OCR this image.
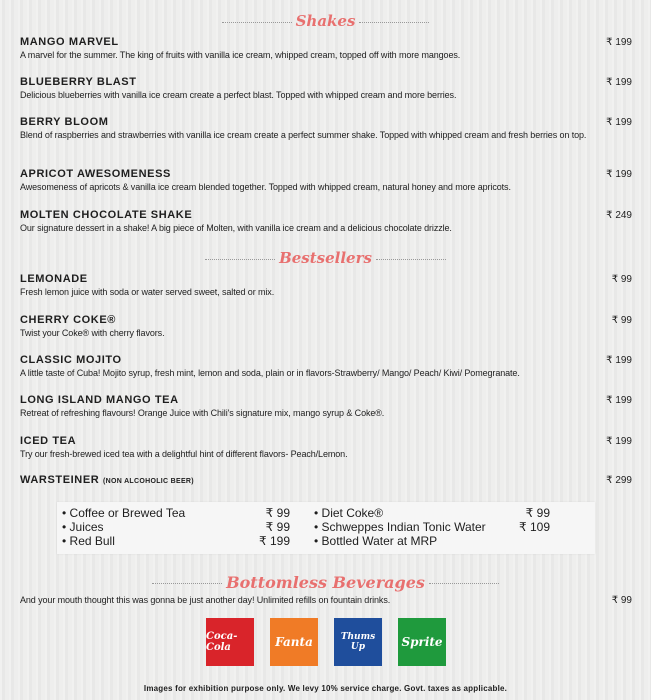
Shakes
MANGO MARVEL
A marvel for the summer. The king of fruits with vanilla ice cream, whipped cream, topped off with more mangoes.
₹ 199
BLUEBERRY BLAST
Delicious blueberries with vanilla ice cream create a perfect blast. Topped with whipped cream and more berries.
₹ 199
BERRY BLOOM
Blend of raspberries and strawberries with vanilla ice cream create a perfect summer shake. Topped with whipped cream and fresh berries on top.
₹ 199
APRICOT AWESOMENESS
Awesomeness of apricots & vanilla ice cream blended together. Topped with whipped cream, natural honey and more apricots.
₹ 199
MOLTEN CHOCOLATE SHAKE
Our signature dessert in a shake! A big piece of Molten, with vanilla ice cream and a delicious chocolate drizzle.
₹ 249
Bestsellers
LEMONADE
Fresh lemon juice with soda or water served sweet, salted or mix.
₹ 99
CHERRY COKE®
Twist your Coke® with cherry flavors.
₹ 99
CLASSIC MOJITO
A little taste of Cuba! Mojito syrup, fresh mint, lemon and soda, plain or in flavors-Strawberry/ Mango/ Peach/ Kiwi/ Pomegranate.
₹ 199
LONG ISLAND MANGO TEA
Retreat of refreshing flavours! Orange Juice with Chili's signature mix, mango syrup & Coke®.
₹ 199
ICED TEA
Try our fresh-brewed iced tea with a delightful hint of different flavors- Peach/Lemon.
₹ 199
WARSTEINER (NON ALCOHOLIC BEER)	₹ 299
• Coffee or Brewed Tea	₹ 99
• Juices	₹ 99
• Red Bull	₹ 199
• Diet Coke®	₹ 99
• Schweppes Indian Tonic Water	₹ 109
• Bottled Water at MRP
Bottomless Beverages
And your mouth thought this was gonna be just another day! Unlimited refills on fountain drinks.	₹ 99
Coca-Cola	Fanta	Thums Up	Sprite
Images for exhibition purpose only. We levy 10% service charge. Govt. taxes as applicable.
